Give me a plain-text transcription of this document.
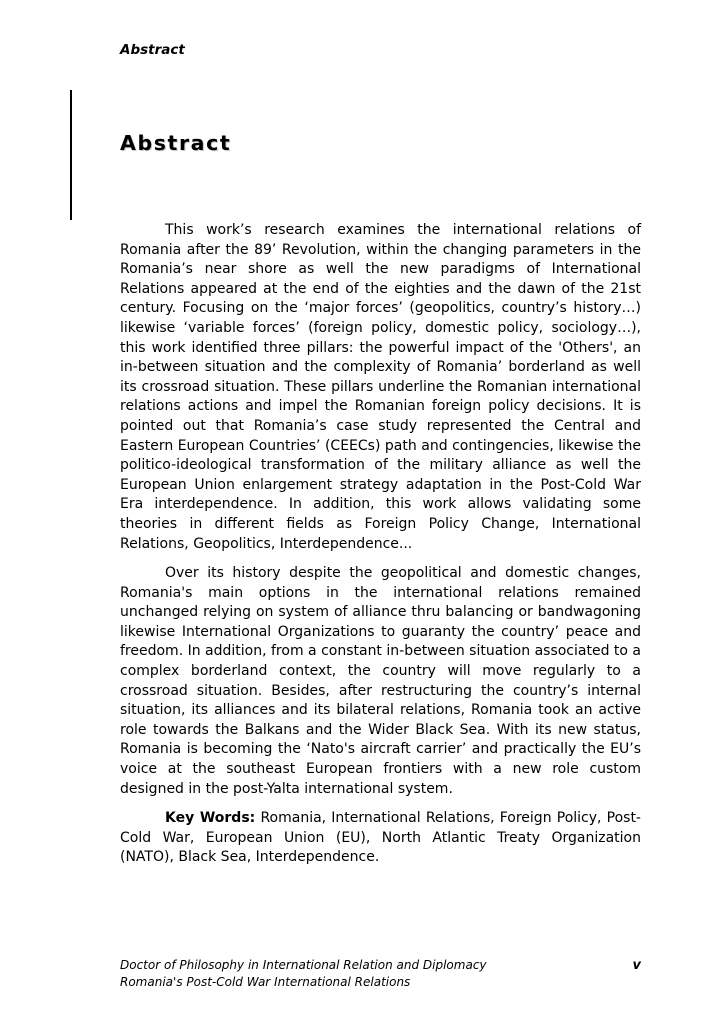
Abstract
Abstract

This work’s research examines the international relations of Romania after the 89’ Revolution, within the changing parameters in the Romania’s near shore as well the new paradigms of International Relations appeared at the end of the eighties and the dawn of the 21st century. Focusing on the ‘major forces’ (geopolitics, country’s history…) likewise ‘variable forces’ (foreign policy, domestic policy, sociology…), this work identified three pillars: the powerful impact of the 'Others', an in-between situation and the complexity of Romania’ borderland as well its crossroad situation. These pillars underline the Romanian international relations actions and impel the Romanian foreign policy decisions. It is pointed out that Romania’s case study represented the Central and Eastern European Countries’ (CEECs) path and contingencies, likewise the politico-ideological transformation of the military alliance as well the European Union enlargement strategy adaptation in the Post-Cold War Era interdependence. In addition, this work allows validating some theories in different fields as Foreign Policy Change, International Relations, Geopolitics, Interdependence...

Over its history despite the geopolitical and domestic changes, Romania's main options in the international relations remained unchanged relying on system of alliance thru balancing or bandwagoning likewise International Organizations to guaranty the country’ peace and freedom. In addition, from a constant in-between situation associated to a complex borderland context, the country will move regularly to a crossroad situation. Besides, after restructuring the country’s internal situation, its alliances and its bilateral relations, Romania took an active role towards the Balkans and the Wider Black Sea. With its new status, Romania is becoming the ‘Nato's aircraft carrier’ and practically the EU’s voice at the southeast European frontiers with a new role custom designed in the post-Yalta international system.

Key Words: Romania, International Relations, Foreign Policy, Post-Cold War, European Union (EU), North Atlantic Treaty Organization (NATO), Black Sea, Interdependence.

Doctor of Philosophy in International Relation and Diplomacy
Romania's Post-Cold War International Relations
v
